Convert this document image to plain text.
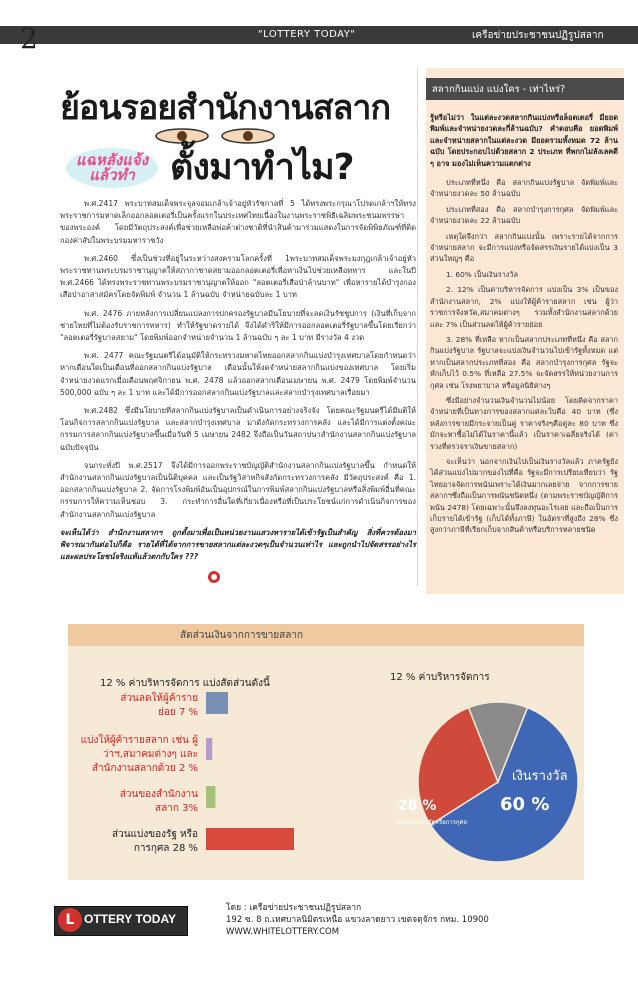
2	"LOTTERY TODAY"	เครือข่ายประชาชนปฏิรูปสลาก
ย้อนรอยสำนักงานสลาก
แฉหลังแจ้งแล้วทำ ตั้งมาทำไม?

พ.ศ.2417 พระบาทสมเด็จพระจุลจอมเกล้าเจ้าอยู่หัวรัชกาลที่ 5 ได้ทรงพระกรุณาโปรดเกล้าฯให้ทรงพระราชการมหาดเล็กออกลอตเตอรี่เป็นครั้งแรกในประเทศไทยเนื่องในงานพระราชพิธีเฉลิมพระชนมพรรษาของพระองค์ โดยมีวัตถุประสงค์เพื่อช่วยเหลือพ่อค้าต่างชาติที่นำสินค้ามาร่วมแสดงในการจัดพิพิธภัณฑ์ที่ติดกองค่าสัปในพระบรมมหาราชวัง

พ.ศ.2460 ซึ่งเป็นช่วงที่อยู่ในระหว่างสงครามโลกครั้งที่ 1พระบาทสมเด็จพระมงกุฎเกล้าเจ้าอยู่หัวพระราชทานพระบรมราชานุญาตให้สภากาชาดสยามออกลอตเตอรี่เพื่อหาเงินไปช่วยเหลือทหาร และในปี พ.ศ.2466 ได้ทรงพระราชทานพระบรมราชานุญาตให้ออก "ลอตเตอรี่เสือป่าล้านบาท" เพื่อหารายได้บำรุงกองเสือป่าอาสาสมัครโดยจัดพิมพ์ จำนวน 1 ล้านฉบับ จำหน่ายฉบับละ 1 บาท

พ.ศ. 2476 ภายหลังการเปลี่ยนแปลงการปกครองรัฐบาลมีนโยบายที่จะลดเงินรัชชูปการ (เงินที่เก็บจากชายไทยที่ไม่ต้องรับราชการทหาร) ทำให้รัฐขาดรายได้ จึงได้ดำริให้มีการออกลอตเตอรี่รัฐบาลขึ้นโดยเรียกว่า "ลอตเตอรี่รัฐบาลสยาม" โดยพิมพ์ออกจำหน่ายจำนวน 1 ล้านฉบับ ๆ ละ 1 บาท มีรางวัล 4 งวด

พ.ศ. 2477 คณะรัฐมนตรีได้อนุมัติให้กระทรวงมหาดไทยออกสลากกินแบ่งบำรุงเทศบาลโดยกำหนดว่า หากเดือนใดเป็นเดือนที่ออกสลากกินแบ่งรัฐบาล เดือนนั้นให้งดจำหน่ายสลากกินแบ่งของเทศบาล โดยเริ่มจำหน่ายงวดแรกเมื่อเดือนพฤศจิกายน พ.ศ. 2478 แล้วออกสลากเดือนเมษายน พ.ศ. 2479 โดยพิมพ์จำนวน 500,000 ฉบับ ๆ ละ 1 บาท และได้มีการออกสลากกินแบ่งรัฐบาลและสลากบำรุงเทศบาลเรื่อยมา

พ.ศ.2482 ซึ่งมีนโยบายที่สลากกินแบ่งรัฐบาลเป็นดำเนินการอย่างจริงจัง โดยคณะรัฐมนตรีได้มีมติให้โอนกิจการสลากกินแบ่งรัฐบาล และสลากบำรุงเทศบาล มาดังกัดกระทรวงการคลัง และได้มีการแต่งตั้งคณะกรรมการสลากกินแบ่งรัฐบาลขึ้นเมื่อวันที่ 5 เมษายน 2482 จึงถือเป็นวันสถาปนาสำนักงานสลากกินแบ่งรัฐบาลฉบับปัจจุบัน

จนกระทั่งปี พ.ศ.2517 จึงได้มีการออกพระราชบัญญัติสำนักงานสลากกินแบ่งรัฐบาลขึ้น กำหนดให้สำนักงานสลากกินแบ่งรัฐบาลเป็นนิติบุคคล และเป็นรัฐวิสาหกิจสังกัดกระทรวงการคลัง มีวัตถุประสงค์ คือ 1. ออกสลากกินแบ่งรัฐบาล 2. จัดการโรงพิมพ์อันเป็นอุปกรณ์ในการพิมพ์สลากกินแบ่งรัฐบาลหรือสิ่งพิมพ์อื่นที่คณะกรรมการให้ความเห็นชอบ 3. กระทำการอื่นใดที่เกี่ยวเนื่องหรือที่เป็นประโยชน์แก่การดำเนินกิจการของสำนักงานสลากกินแบ่งรัฐบาล

จะเห็นได้ว่า สำนักงานสลากฯ ถูกตั้งมาเพื่อเป็นหน่วยงานแสวงหารายได้เข้ารัฐเป็นสำคัญ สิ่งที่ควรต้องมาพิจารณากันต่อไปก็คือ รายได้ที่ได้จากการขายสลากแต่ละงวดๆเป็นจำนวนเท่าไร และถูกนำไปจัดสรรอย่างไร และผลประโยชน์จริงแท้แล้วตกกับใคร ???

สลากกินแบ่ง แบ่งใคร - เท่าไหร่?
รู้หรือไม่ว่า ในแต่ละงวดสลากกินแบ่งหรือล็อตเตอรี่ มียอดพิมพ์และจำหน่ายงวดละกี่ล้านฉบับ? คำตอบคือ ยอดพิมพ์และจำหน่ายสลากในแต่ละงวด มียอดรวมทั้งหมด 72 ล้านฉบับ โดยประกอบไปด้วยสลาก 2 ประเภท ที่พกกไม่ลังเลคดี ๆ อาจ มองไม่เห็นความแตกต่าง

ประเภทที่หนึ่ง คือ สลากกินแบ่งรัฐบาล จัดพิมพ์และจำหน่ายงวดละ 50 ล้านฉบับ

ประเภทที่สอง คือ สลากบำรุงการกุศล จัดพิมพ์และจำหน่ายงวดละ 22 ล้านฉบับ

เหตุใดจึงกว่า สลากกินแบ่งนั้น เพราะรายได้จากการจำหน่ายสลาก จะมีการแบ่งหรือจัดสรรเงินรายได้แบ่งเป็น 3 ส่วนใหญ่ๆ คือ

1. 60% เป็นเงินรางวัล

2. 12% เป็นค่าบริหารจัดการ แบ่งเป็น 3% เป็นของสำนักงานสลาก, 2% แบ่งให้ผู้ค้ารายสลาก เช่น ผู้ว่าราชการจังหวัด,สมาคมต่างๆ รวมทั้งสำนักงานสลากด้วย และ 7% เป็นส่วนลดให้ผู้ค้ารายย่อย

3. 28% ที่เหลือ หากเป็นสลากประเภทที่หนึ่ง คือ สลากกินแบ่งรัฐบาล รัฐบาลจะแบ่งเงินจำนวนไปเข้ารัฐทั้งหมด แต่หากเป็นสลากประเภทที่สอง คือ สลากบำรุงการกุศล รัฐจะหักเก็บไว้ 0.5% ที่เหลือ 27.5% จะจัดสรรให้หน่วยงานการกุศล เช่น โรงพยาบาล หรือมูลนิธิต่างๆ

ซึ่งมีอย่างจำนวนเงินจำนวนไม่น้อย โดยคิดจากราคาจำหน่ายที่เป็นทางการของสลากแต่ละใบคือ 40 บาท (ซึ่งหลังการขายมีกระจายเป็นคู่ ราคาจริงๆคือคู่ละ 80 บาท ซึ่งมักจะหาซื้อไม่ได้ในราคานี้แล้ว เป็นราคาเฉลี่ยจริงได้ (ค่ารวงที่ตรวจราเงินขายสลาก)

จะเห็นว่า นอกจากเงินไปเป็นเงินรางวัลแล้ว ภาครัฐยังได้ส่วนแบ่งไปมากของไปที่คือ รัฐจะมีการเปรียบเทียบว่า รัฐไทยอาจจัดการพนันเพราะได้เงินมากเลยจ่าย จากการขายสลากฯซึ่งถือเป็นการพนันชนิดหนึ่ง (ตามพระราชบัญญัติการพนัน 2478) โดยเฉพาะนั้นจึงลงทุนอะไรเลย และถือเป็นการเก็บรายได้เข้ารัฐ (เก็บได้ทั้งภาษี) ในอัตราที่สูงถึง 28% ซึ่ง สูงกว่าภาษีที่เรียกเก็บจากสินค้าหรือบริการหลายชนิด

สัดส่วนเงินจากการขายสลาก
12 % ค่าบริหารจัดการ แบ่งสัดส่วนดังนี้
12 % ค่าบริหารจัดการ
ส่วนลดให้ผู้ค้ารายย่อย 7 %
แบ่งให้ผู้ค้ารายสลาก เช่น ผู้ว่าฯ,สมาคมต่างๆ และสำนักงานสลากด้วย 2 %
ส่วนของสำนักงานสลาก 3%
ส่วนแบ่งของรัฐ หรือการกุศล 28 %
เงินรางวัล
60 %
28 %
ส่วนแบ่งของรัฐหรือการกุศล
L OTTERY TODAY
โดย : เครือข่ายประชาชนปฏิรูปสลาก
192 ซ. 8 ถ.เทศบาลนิมิตรเหนือ แขวงลาดยาว เขตจตุจักร กทม. 10900
WWW.WHITELOTTERY.COM
